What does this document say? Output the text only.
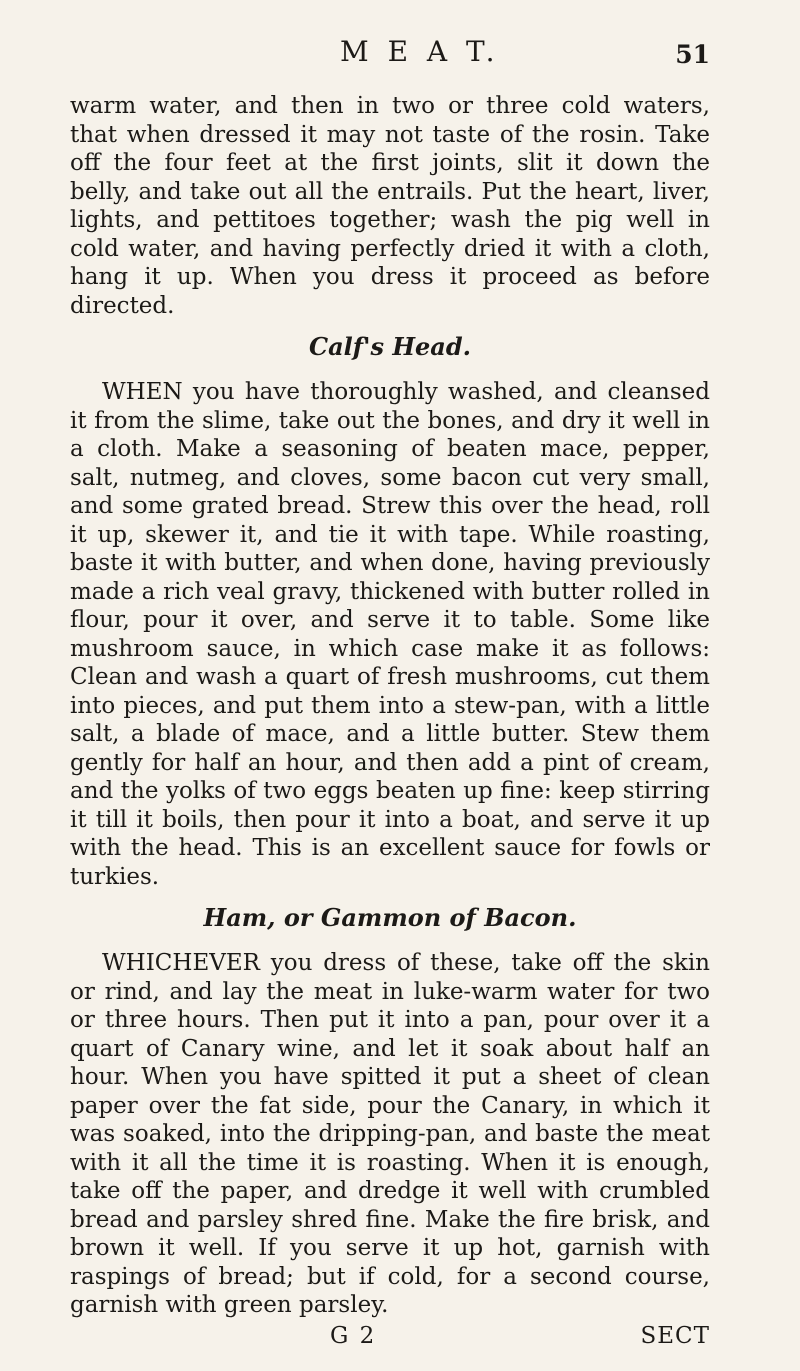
M E A T.	51

warm water, and then in two or three cold waters, that when dressed it may not taste of the rosin. Take off the four feet at the first joints, slit it down the belly, and take out all the entrails. Put the heart, liver, lights, and pettitoes together; wash the pig well in cold water, and having perfectly dried it with a cloth, hang it up. When you dress it proceed as before directed.

Calf's Head.

WHEN you have thoroughly washed, and cleansed it from the slime, take out the bones, and dry it well in a cloth. Make a seasoning of beaten mace, pepper, salt, nutmeg, and cloves, some bacon cut very small, and some grated bread. Strew this over the head, roll it up, skewer it, and tie it with tape. While roasting, baste it with butter, and when done, having previously made a rich veal gravy, thickened with butter rolled in flour, pour it over, and serve it to table. Some like mushroom sauce, in which case make it as follows: Clean and wash a quart of fresh mushrooms, cut them into pieces, and put them into a stew-pan, with a little salt, a blade of mace, and a little butter. Stew them gently for half an hour, and then add a pint of cream, and the yolks of two eggs beaten up fine: keep stirring it till it boils, then pour it into a boat, and serve it up with the head. This is an excellent sauce for fowls or turkies.

Ham, or Gammon of Bacon.

WHICHEVER you dress of these, take off the skin or rind, and lay the meat in luke-warm water for two or three hours. Then put it into a pan, pour over it a quart of Canary wine, and let it soak about half an hour. When you have spitted it put a sheet of clean paper over the fat side, pour the Canary, in which it was soaked, into the dripping-pan, and baste the meat with it all the time it is roasting. When it is enough, take off the paper, and dredge it well with crumbled bread and parsley shred fine. Make the fire brisk, and brown it well. If you serve it up hot, garnish with raspings of bread; but if cold, for a second course, garnish with green parsley.

G 2	SECT
